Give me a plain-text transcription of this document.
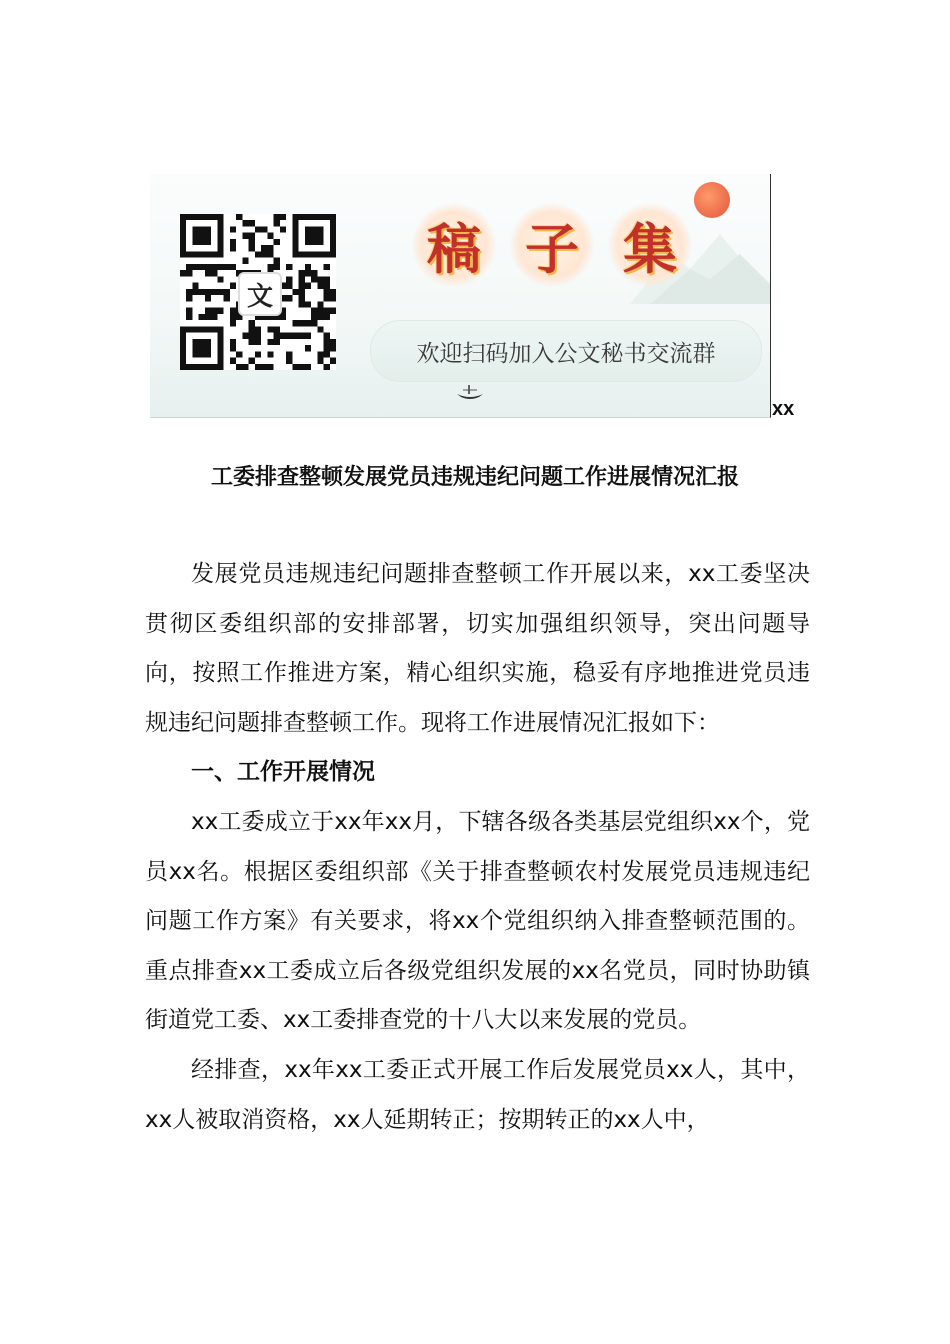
文
稿 子 集
欢迎扫码加入公文秘书交流群
xx
工委排查整顿发展党员违规违纪问题工作进展情况汇报

发展党员违规违纪问题排查整顿工作开展以来，xx工委坚决贯彻区委组织部的安排部署，切实加强组织领导，突出问题导向，按照工作推进方案，精心组织实施，稳妥有序地推进党员违规违纪问题排查整顿工作。现将工作进展情况汇报如下：

一、工作开展情况

xx工委成立于xx年xx月，下辖各级各类基层党组织xx个，党员xx名。根据区委组织部《关于排查整顿农村发展党员违规违纪问题工作方案》有关要求，将xx个党组织纳入排查整顿范围的。重点排查xx工委成立后各级党组织发展的xx名党员，同时协助镇街道党工委、xx工委排查党的十八大以来发展的党员。

经排查，xx年xx工委正式开展工作后发展党员xx人，其中，xx人被取消资格，xx人延期转正；按期转正的xx人中，
